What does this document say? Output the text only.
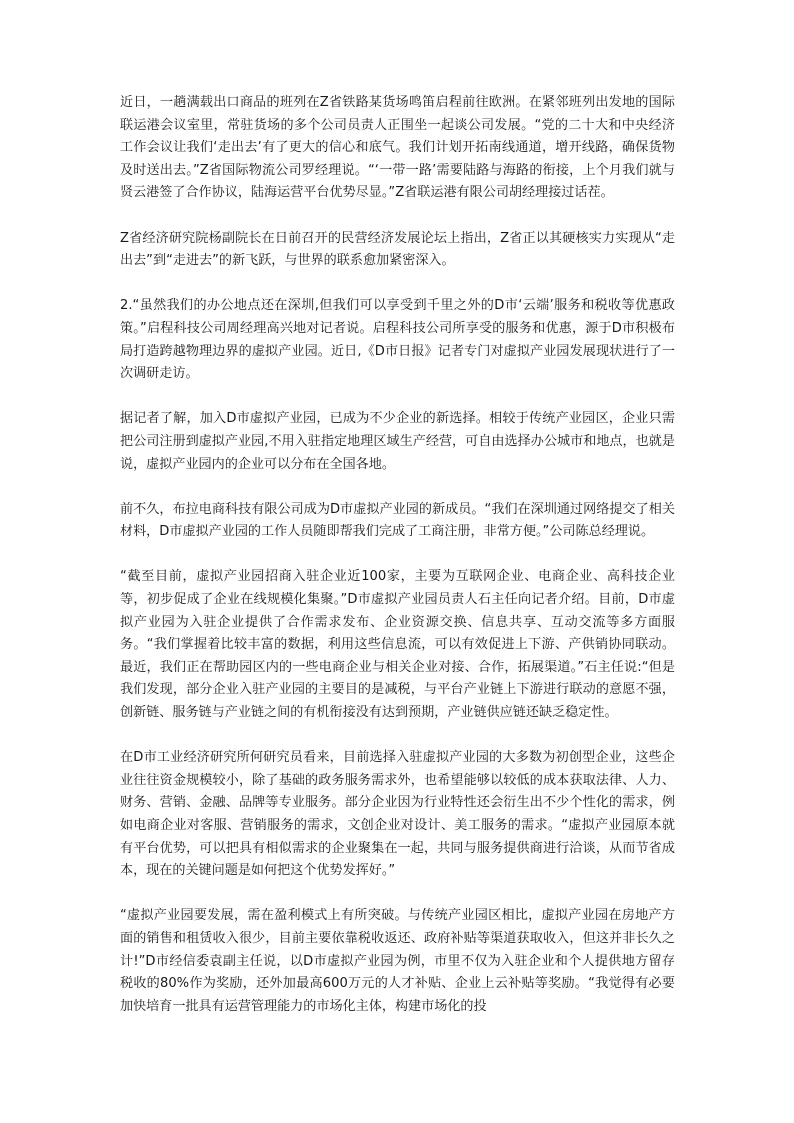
近日，一趟满载出口商品的班列在Z省铁路某货场鸣笛启程前往欧洲。在紧邻班列出发地的国际联运港会议室里，常驻货场的多个公司员责人正围坐一起谈公司发展。“党的二十大和中央经济工作会议让我们‘走出去’有了更大的信心和底气。我们计划开拓南线通道，增开线路，确保货物及时送出去。”Z省国际物流公司罗经理说。“‘一带一路’需要陆路与海路的衔接，上个月我们就与贤云港签了合作协议，陆海运营平台优势尽显。”Z省联运港有限公司胡经理接过话茬。

Z省经济研究院杨副院长在日前召开的民营经济发展论坛上指出，Z省正以其硬核实力实现从“走出去”到“走进去”的新飞跃，与世界的联系愈加紧密深入。

2.“虽然我们的办公地点还在深圳,但我们可以享受到千里之外的D市‘云端’服务和税收等优惠政策。”启程科技公司周经理高兴地对记者说。启程科技公司所享受的服务和优惠，源于D市积极布局打造跨越物理边界的虚拟产业园。近日,《D市日报》记者专门对虚拟产业园发展现状进行了一次调研走访。

据记者了解，加入D市虚拟产业园，已成为不少企业的新选择。相较于传统产业园区，企业只需把公司注册到虚拟产业园,不用入驻指定地理区域生产经营，可自由选择办公城市和地点，也就是说，虚拟产业园内的企业可以分布在全国各地。

前不久，布拉电商科技有限公司成为D市虚拟产业园的新成员。“我们在深圳通过网络提交了相关材料，D市虚拟产业园的工作人员随即帮我们完成了工商注册，非常方便。”公司陈总经理说。

“截至目前，虚拟产业园招商入驻企业近100家，主要为互联网企业、电商企业、高科技企业等，初步促成了企业在线规模化集聚。”D市虚拟产业园员责人石主任向记者介绍。目前，D市虚拟产业园为入驻企业提供了合作需求发布、企业资源交换、信息共享、互动交流等多方面服务。“我们掌握着比较丰富的数据，利用这些信息流，可以有效促进上下游、产供销协同联动。最近，我们正在帮助园区内的一些电商企业与相关企业对接、合作，拓展渠道。”石主任说:“但是我们发现，部分企业入驻产业园的主要目的是减税，与平台产业链上下游进行联动的意愿不强，创新链、服务链与产业链之间的有机衔接没有达到预期，产业链供应链还缺乏稳定性。

在D市工业经济研究所何研究员看来，目前选择入驻虚拟产业园的大多数为初创型企业，这些企业往往资金规模较小，除了基础的政务服务需求外，也希望能够以较低的成本获取法律、人力、财务、营销、金融、品牌等专业服务。部分企业因为行业特性还会衍生出不少个性化的需求，例如电商企业对客服、营销服务的需求，文创企业对设计、美工服务的需求。“虚拟产业园原本就有平台优势，可以把具有相似需求的企业聚集在一起，共同与服务提供商进行洽谈，从而节省成本，现在的关键问题是如何把这个优势发挥好。”

“虚拟产业园要发展，需在盈利模式上有所突破。与传统产业园区相比，虚拟产业园在房地产方面的销售和租赁收入很少，目前主要依靠税收返还、政府补贴等渠道获取收入，但这并非长久之计!”D市经信委袁副主任说，以D市虚拟产业园为例，市里不仅为入驻企业和个人提供地方留存税收的80%作为奖励，还外加最高600万元的人才补贴、企业上云补贴等奖励。“我觉得有必要加快培育一批具有运营管理能力的市场化主体，构建市场化的投
